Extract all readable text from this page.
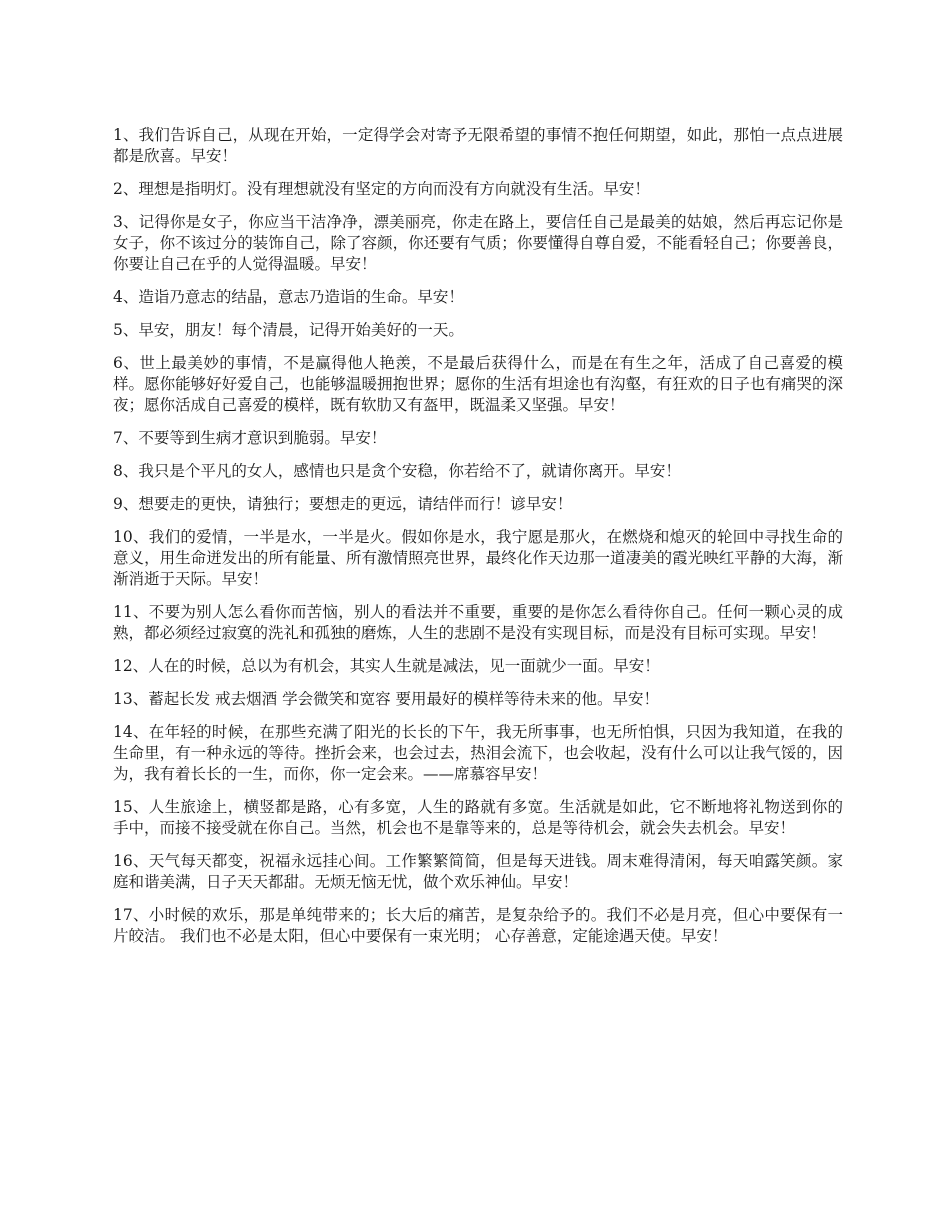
1、我们告诉自己，从现在开始，一定得学会对寄予无限希望的事情不抱任何期望，如此，那怕一点点进展都是欣喜。早安！

2、理想是指明灯。没有理想就没有坚定的方向而没有方向就没有生活。早安！

3、记得你是女子，你应当干洁净净，漂美丽亮，你走在路上，要信任自己是最美的姑娘，然后再忘记你是女子，你不该过分的装饰自己，除了容颜，你还要有气质；你要懂得自尊自爱，不能看轻自己；你要善良，你要让自己在乎的人觉得温暖。早安！

4、造诣乃意志的结晶，意志乃造诣的生命。早安！

5、早安，朋友！每个清晨，记得开始美好的一天。

6、世上最美妙的事情，不是赢得他人艳羡，不是最后获得什么，而是在有生之年，活成了自己喜爱的模样。愿你能够好好爱自己，也能够温暖拥抱世界；愿你的生活有坦途也有沟壑，有狂欢的日子也有痛哭的深夜；愿你活成自己喜爱的模样，既有软肋又有盔甲，既温柔又坚强。早安！

7、不要等到生病才意识到脆弱。早安！

8、我只是个平凡的女人，感情也只是贪个安稳，你若给不了，就请你离开。早安！

9、想要走的更快，请独行；要想走的更远，请结伴而行！谚早安！

10、我们的爱情，一半是水，一半是火。假如你是水，我宁愿是那火，在燃烧和熄灭的轮回中寻找生命的意义，用生命迸发出的所有能量、所有激情照亮世界，最终化作天边那一道凄美的霞光映红平静的大海，渐渐消逝于天际。早安！

11、不要为别人怎么看你而苦恼，别人的看法并不重要，重要的是你怎么看待你自己。任何一颗心灵的成熟，都必须经过寂寞的洗礼和孤独的磨炼，人生的悲剧不是没有实现目标，而是没有目标可实现。早安！

12、人在的时候，总以为有机会，其实人生就是减法，见一面就少一面。早安！

13、蓄起长发 戒去烟酒 学会微笑和宽容 要用最好的模样等待未来的他。早安！

14、在年轻的时候，在那些充满了阳光的长长的下午，我无所事事，也无所怕惧，只因为我知道，在我的生命里，有一种永远的等待。挫折会来，也会过去，热泪会流下，也会收起，没有什么可以让我气馁的，因为，我有着长长的一生，而你，你一定会来。——席慕容早安！

15、人生旅途上，横竖都是路，心有多宽，人生的路就有多宽。生活就是如此，它不断地将礼物送到你的手中，而接不接受就在你自己。当然，机会也不是靠等来的，总是等待机会，就会失去机会。早安！

16、天气每天都变，祝福永远挂心间。工作繁繁简简，但是每天进钱。周末难得清闲，每天咱露笑颜。家庭和谐美满，日子天天都甜。无烦无恼无忧，做个欢乐神仙。早安！

17、小时候的欢乐，那是单纯带来的；长大后的痛苦，是复杂给予的。我们不必是月亮，但心中要保有一片皎洁。 我们也不必是太阳，但心中要保有一束光明； 心存善意，定能途遇天使。早安！
